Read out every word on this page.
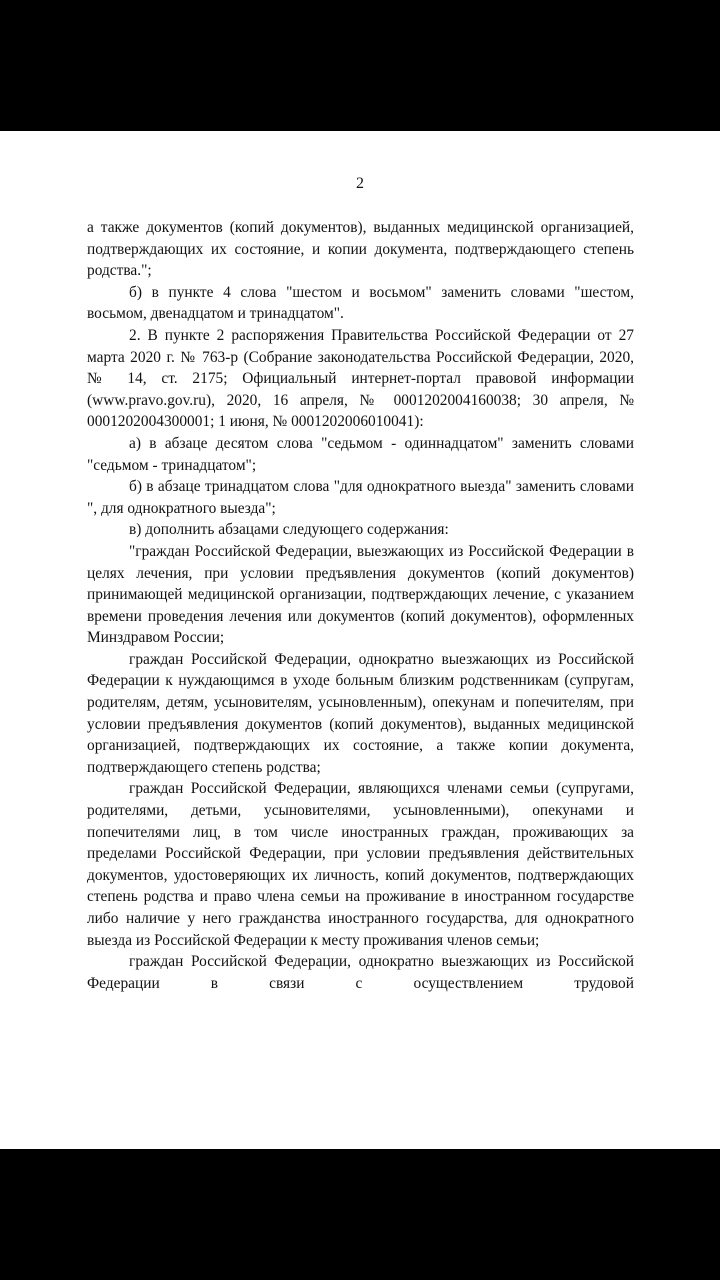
2

а также документов (копий документов), выданных медицинской организацией, подтверждающих их состояние, и копии документа, подтверждающего степень родства.";

б) в пункте 4 слова "шестом и восьмом" заменить словами "шестом, восьмом, двенадцатом и тринадцатом".

2. В пункте 2 распоряжения Правительства Российской Федерации от 27 марта 2020 г. № 763-р (Собрание законодательства Российской Федерации, 2020, № 14, ст. 2175; Официальный интернет-портал правовой информации (www.pravo.gov.ru), 2020, 16 апреля, № 0001202004160038; 30 апреля, № 0001202004300001; 1 июня, № 0001202006010041):

а) в абзаце десятом слова "седьмом - одиннадцатом" заменить словами "седьмом - тринадцатом";

б) в абзаце тринадцатом слова "для однократного выезда" заменить словами ", для однократного выезда";

в) дополнить абзацами следующего содержания:

"граждан Российской Федерации, выезжающих из Российской Федерации в целях лечения, при условии предъявления документов (копий документов) принимающей медицинской организации, подтверждающих лечение, с указанием времени проведения лечения или документов (копий документов), оформленных Минздравом России;

граждан Российской Федерации, однократно выезжающих из Российской Федерации к нуждающимся в уходе больным близким родственникам (супругам, родителям, детям, усыновителям, усыновленным), опекунам и попечителям, при условии предъявления документов (копий документов), выданных медицинской организацией, подтверждающих их состояние, а также копии документа, подтверждающего степень родства;

граждан Российской Федерации, являющихся членами семьи (супругами, родителями, детьми, усыновителями, усыновленными), опекунами и попечителями лиц, в том числе иностранных граждан, проживающих за пределами Российской Федерации, при условии предъявления действительных документов, удостоверяющих их личность, копий документов, подтверждающих степень родства и право члена семьи на проживание в иностранном государстве либо наличие у него гражданства иностранного государства, для однократного выезда из Российской Федерации к месту проживания членов семьи;

граждан Российской Федерации, однократно выезжающих из Российской Федерации в связи с осуществлением трудовой
